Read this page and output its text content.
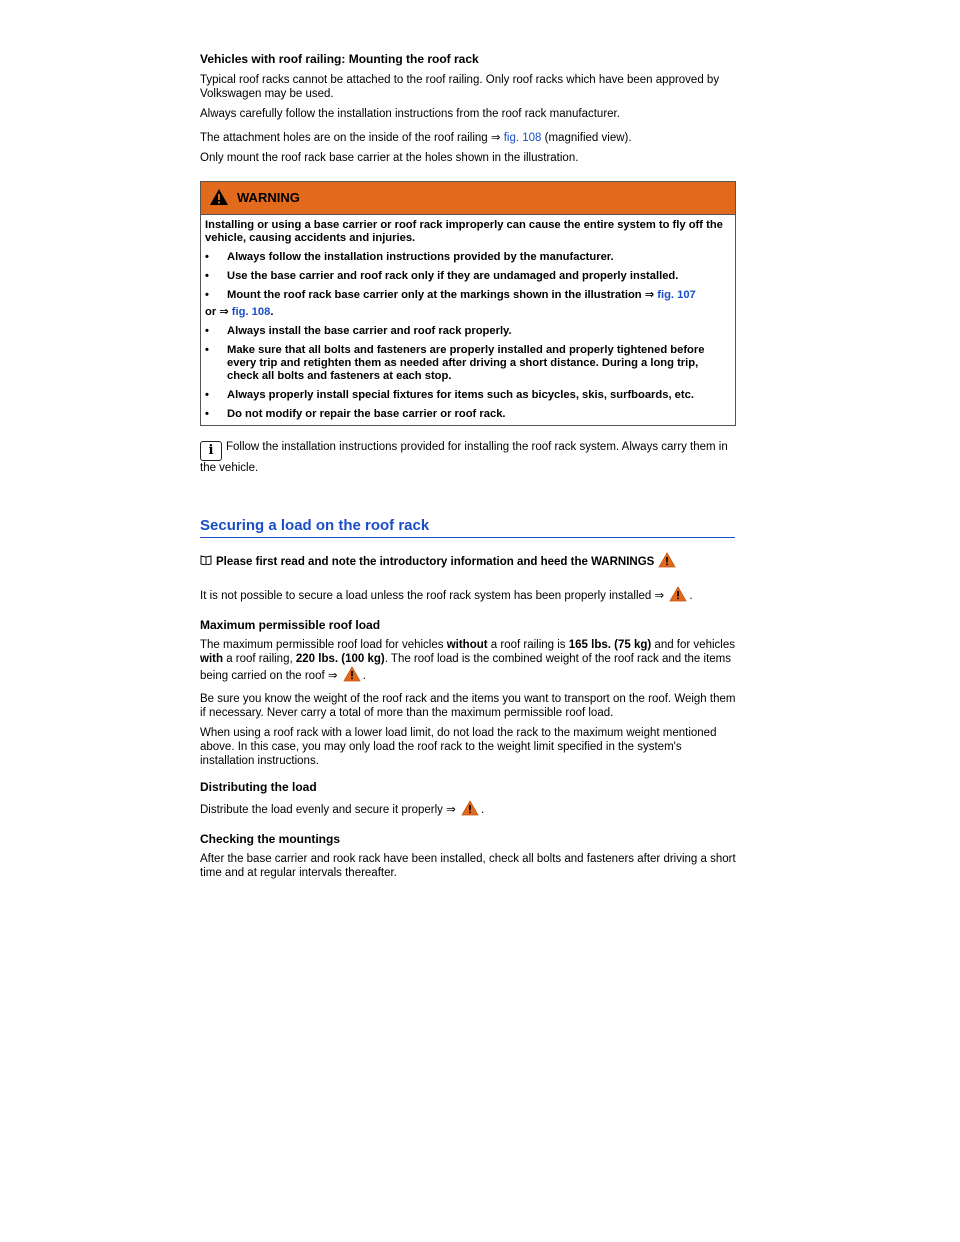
Vehicles with roof railing: Mounting the roof rack

Typical roof racks cannot be attached to the roof railing. Only roof racks which have been approved by Volkswagen may be used.

Always carefully follow the installation instructions from the roof rack manufacturer.

The attachment holes are on the inside of the roof railing ⇒ fig. 108 (magnified view).

Only mount the roof rack base carrier at the holes shown in the illustration.

WARNING

Installing or using a base carrier or roof rack improperly can cause the entire system to fly off the vehicle, causing accidents and injuries.

•	Always follow the installation instructions provided by the manufacturer.
•	Use the base carrier and roof rack only if they are undamaged and properly installed.
•	Mount the roof rack base carrier only at the markings shown in the illustration ⇒ fig. 107

or ⇒ fig. 108.

•	Always install the base carrier and roof rack properly.
•	Make sure that all bolts and fasteners are properly installed and properly tightened before every trip and retighten them as needed after driving a short distance. During a long trip, check all bolts and fasteners at each stop.
•	Always properly install special fixtures for items such as bicycles, skis, surfboards, etc.
•	Do not modify or repair the base carrier or roof rack.

i Follow the installation instructions provided for installing the roof rack system. Always carry them in the vehicle.

Securing a load on the roof rack
Please first read and note the introductory information and heed the WARNINGS

It is not possible to secure a load unless the roof rack system has been properly installed ⇒ .

Maximum permissible roof load

The maximum permissible roof load for vehicles without a roof railing is 165 lbs. (75 kg) and for vehicles with a roof railing, 220 lbs. (100 kg). The roof load is the combined weight of the roof rack and the items being carried on the roof ⇒ .

Be sure you know the weight of the roof rack and the items you want to transport on the roof. Weigh them if necessary. Never carry a total of more than the maximum permissible roof load.

When using a roof rack with a lower load limit, do not load the rack to the maximum weight mentioned above. In this case, you may only load the roof rack to the weight limit specified in the system's installation instructions.

Distributing the load

Distribute the load evenly and secure it properly ⇒ .

Checking the mountings

After the base carrier and rook rack have been installed, check all bolts and fasteners after driving a short time and at regular intervals thereafter.
